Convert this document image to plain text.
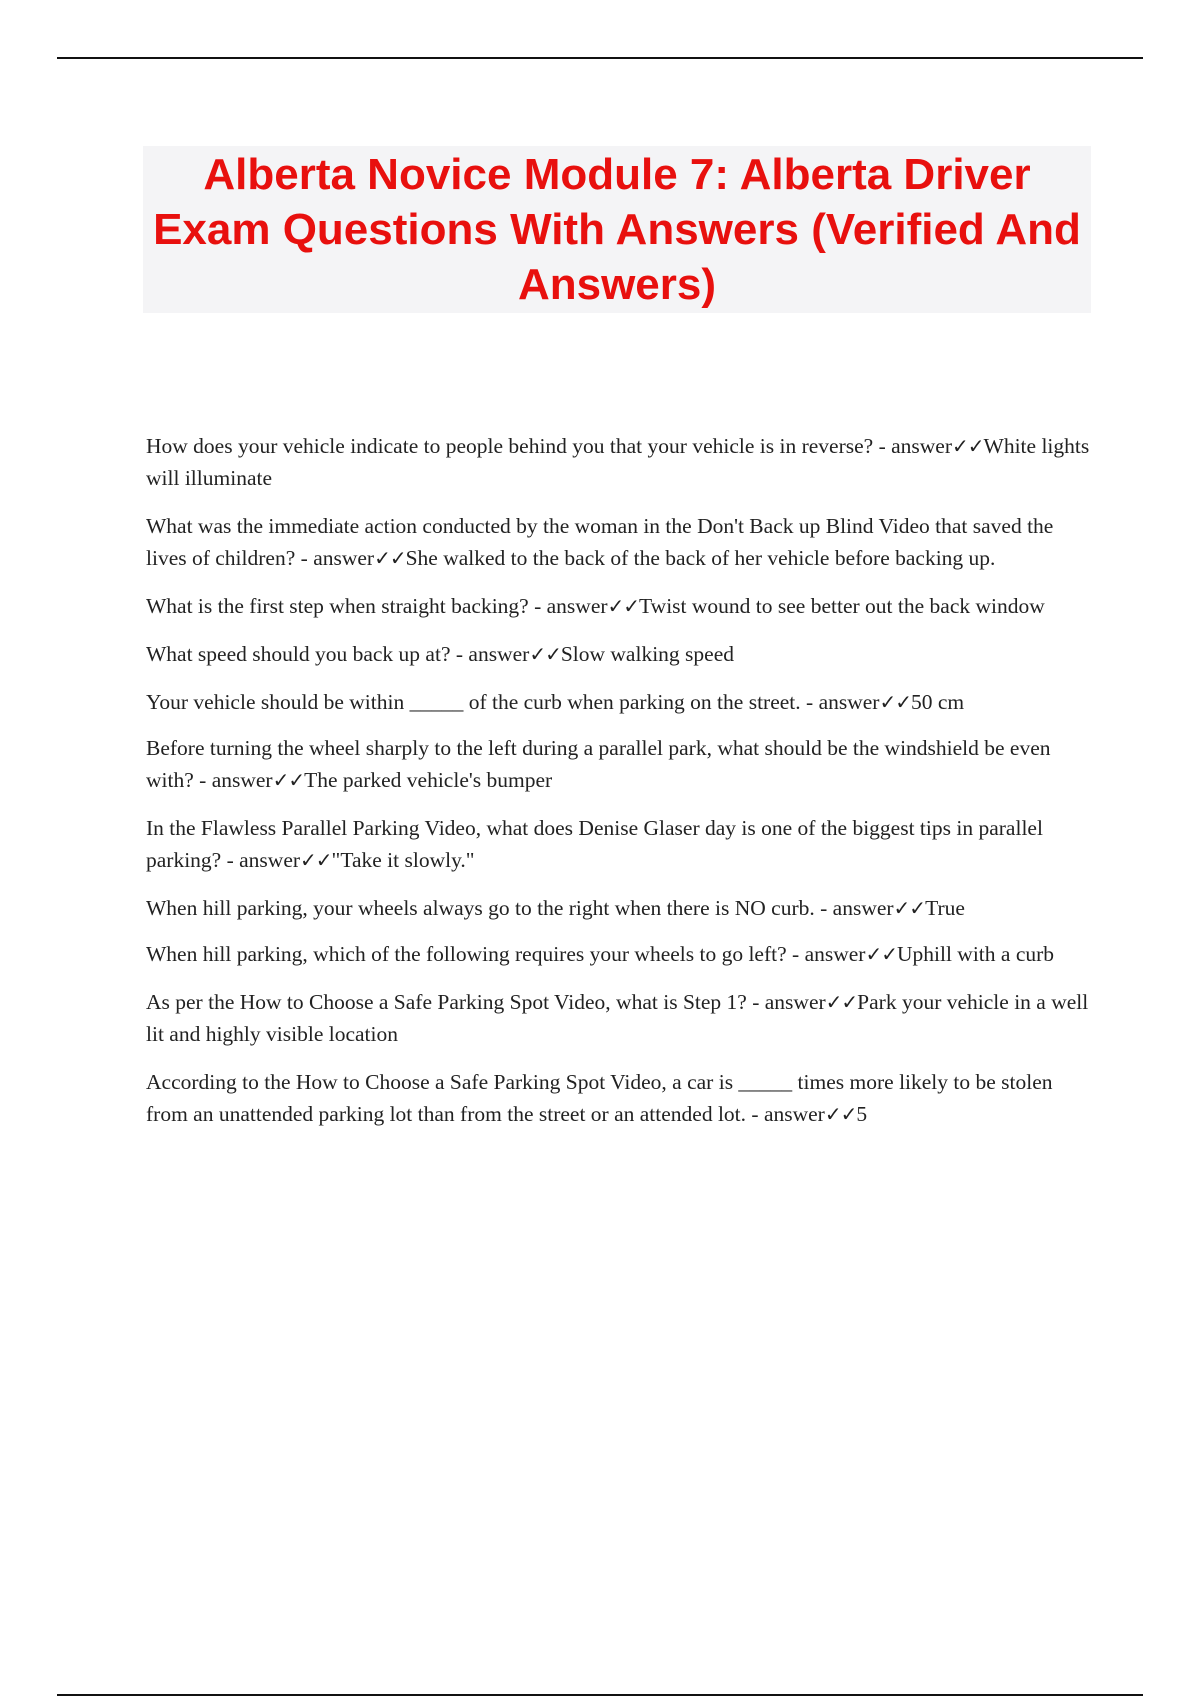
Alberta Novice Module 7: Alberta Driver Exam Questions With Answers (Verified And Answers)
How does your vehicle indicate to people behind you that your vehicle is in reverse? - answer✓✓White lights will illuminate
What was the immediate action conducted by the woman in the Don't Back up Blind Video that saved the lives of children? - answer✓✓She walked to the back of the back of her vehicle before backing up.
What is the first step when straight backing? - answer✓✓Twist wound to see better out the back window
What speed should you back up at? - answer✓✓Slow walking speed
Your vehicle should be within _____ of the curb when parking on the street. - answer✓✓50 cm
Before turning the wheel sharply to the left during a parallel park, what should be the windshield be even with? - answer✓✓The parked vehicle's bumper
In the Flawless Parallel Parking Video, what does Denise Glaser day is one of the biggest tips in parallel parking? - answer✓✓"Take it slowly."
When hill parking, your wheels always go to the right when there is NO curb. - answer✓✓True
When hill parking, which of the following requires your wheels to go left? - answer✓✓Uphill with a curb
As per the How to Choose a Safe Parking Spot Video, what is Step 1? - answer✓✓Park your vehicle in a well lit and highly visible location
According to the How to Choose a Safe Parking Spot Video, a car is _____ times more likely to be stolen from an unattended parking lot than from the street or an attended lot. - answer✓✓5
